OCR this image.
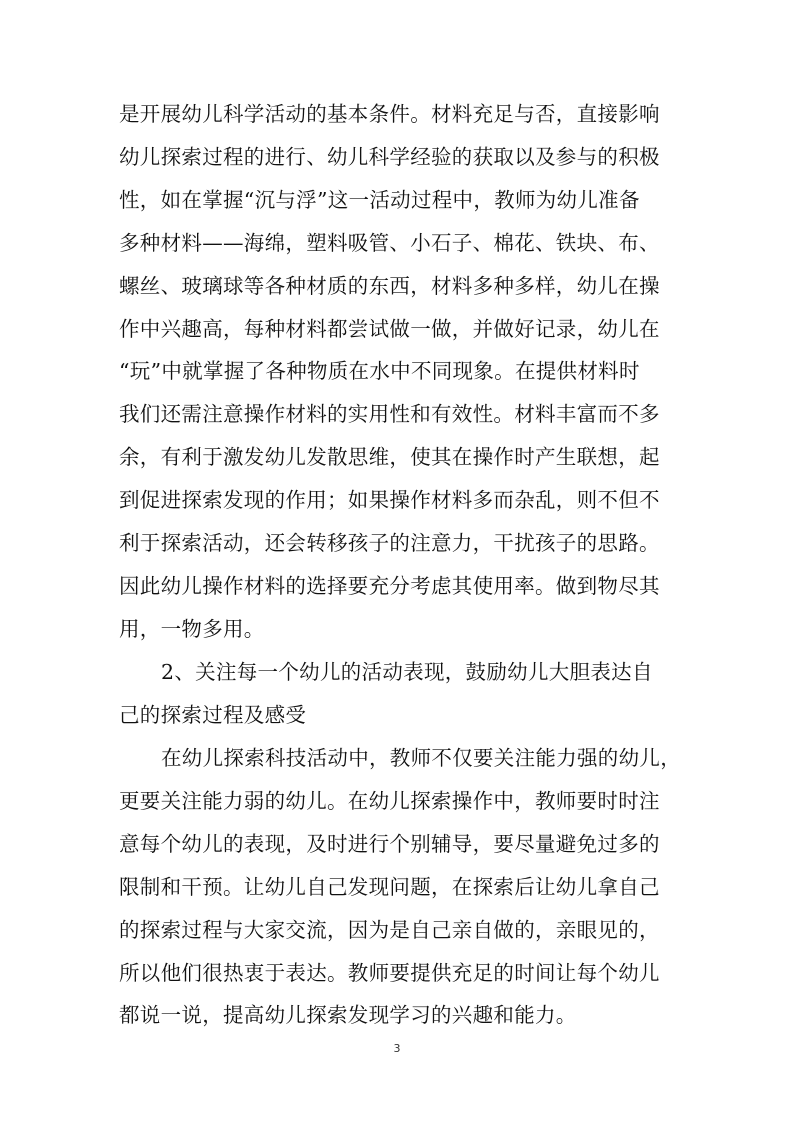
是开展幼儿科学活动的基本条件。材料充足与否，直接影响
幼儿探索过程的进行、幼儿科学经验的获取以及参与的积极
性，如在掌握“沉与浮”这一活动过程中，教师为幼儿准备
多种材料——海绵，塑料吸管、小石子、棉花、铁块、布、
螺丝、玻璃球等各种材质的东西，材料多种多样，幼儿在操
作中兴趣高，每种材料都尝试做一做，并做好记录，幼儿在
“玩”中就掌握了各种物质在水中不同现象。在提供材料时
我们还需注意操作材料的实用性和有效性。材料丰富而不多
余，有利于激发幼儿发散思维，使其在操作时产生联想，起
到促进探索发现的作用；如果操作材料多而杂乱，则不但不
利于探索活动，还会转移孩子的注意力，干扰孩子的思路。
因此幼儿操作材料的选择要充分考虑其使用率。做到物尽其
用，一物多用。
2、关注每一个幼儿的活动表现，鼓励幼儿大胆表达自
己的探索过程及感受
在幼儿探索科技活动中，教师不仅要关注能力强的幼儿，
更要关注能力弱的幼儿。在幼儿探索操作中，教师要时时注
意每个幼儿的表现，及时进行个别辅导，要尽量避免过多的
限制和干预。让幼儿自己发现问题，在探索后让幼儿拿自己
的探索过程与大家交流，因为是自己亲自做的，亲眼见的，
所以他们很热衷于表达。教师要提供充足的时间让每个幼儿
都说一说，提高幼儿探索发现学习的兴趣和能力。
3
